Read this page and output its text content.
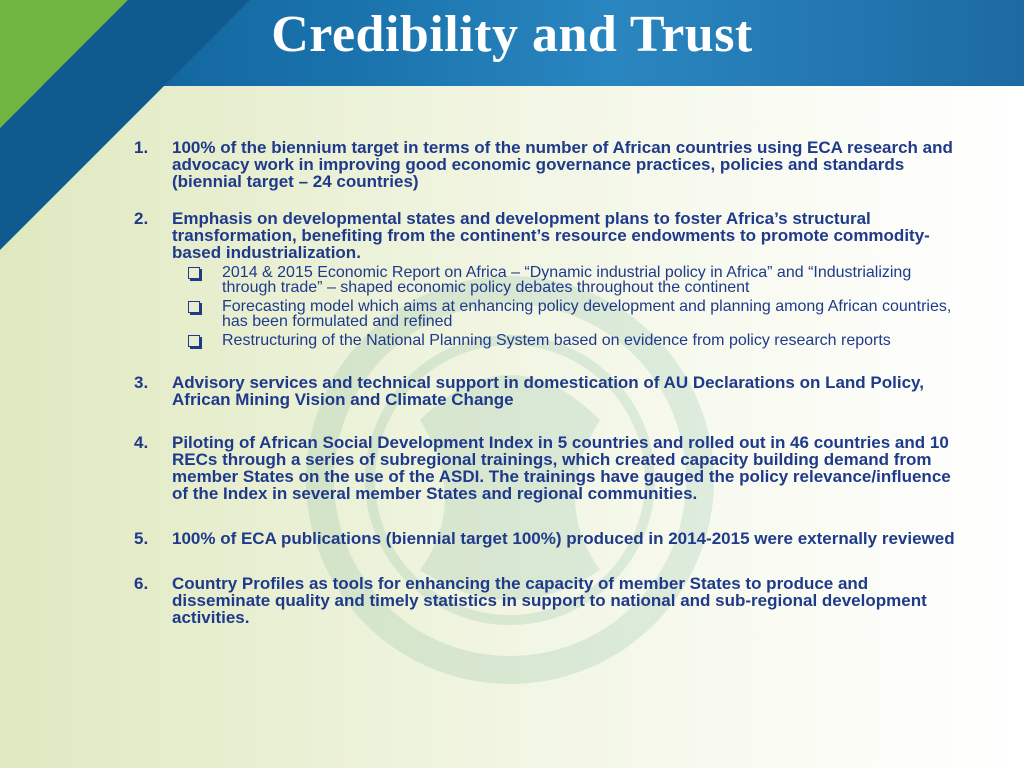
Credibility and Trust
1.	100% of the biennium target in terms of the number of African countries using ECA research and advocacy work in improving good economic governance practices, policies and standards (biennial target – 24 countries)
2.	Emphasis on developmental states and development plans to foster Africa’s structural transformation, benefiting from the continent’s resource endowments to promote commodity-based industrialization.
2014 & 2015 Economic Report on Africa – “Dynamic industrial policy in Africa” and “Industrializing through trade” – shaped economic policy debates throughout the continent
Forecasting model which aims at enhancing policy development and planning among African countries, has been formulated and refined
Restructuring of the National Planning System based on evidence from policy research reports
3.	Advisory services and technical support in domestication of AU Declarations on Land Policy, African Mining Vision and Climate Change
4.	Piloting of African Social Development Index in 5 countries and rolled out in 46 countries and 10 RECs through a series of subregional trainings, which created capacity building demand from member States on the use of the ASDI. The trainings have gauged the policy relevance/influence of the Index in several member States and regional communities.
5.	100% of ECA publications (biennial target 100%) produced in 2014-2015 were externally reviewed
6.	Country Profiles as tools for enhancing the capacity of member States to produce and disseminate quality and timely statistics in support to national and sub-regional development activities.
